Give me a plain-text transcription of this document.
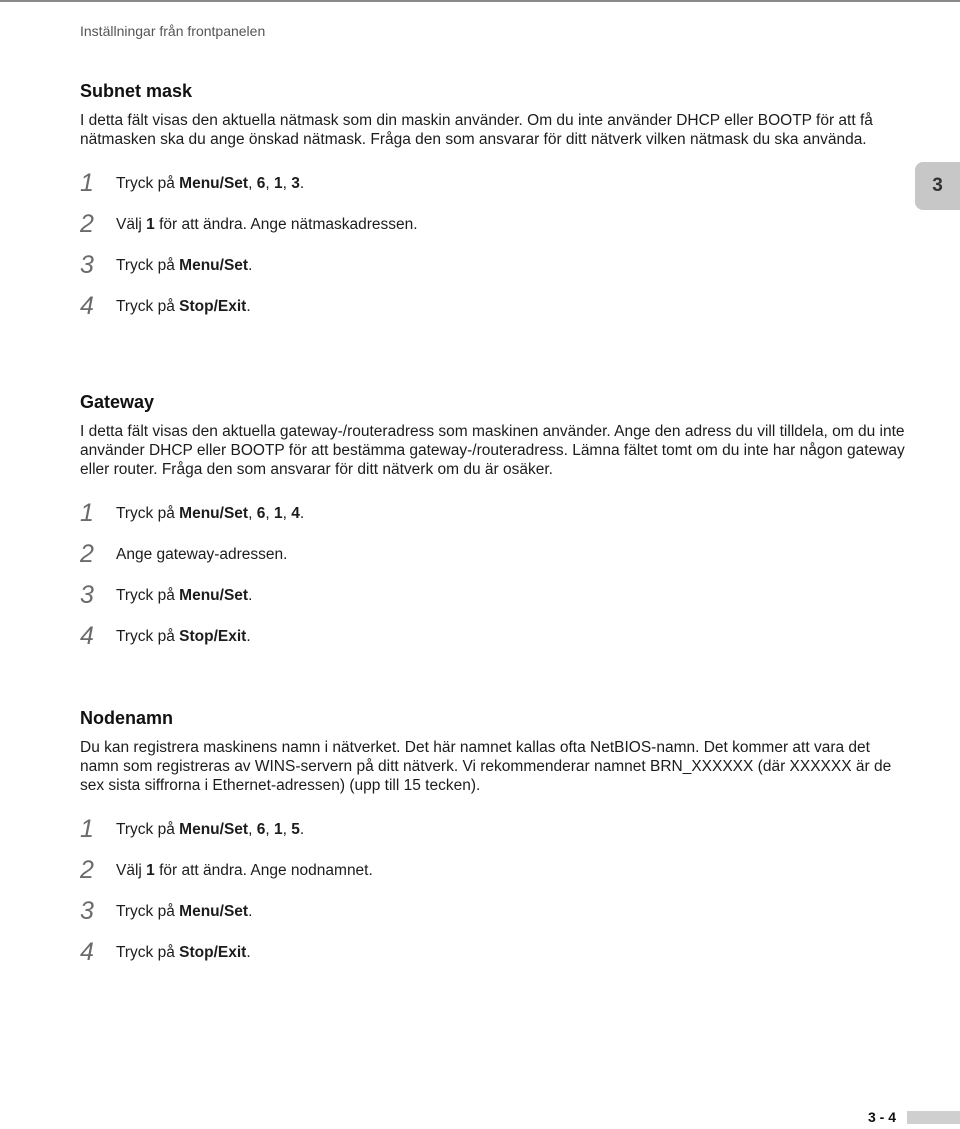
Inställningar från frontpanelen
3
Subnet mask

I detta fält visas den aktuella nätmask som din maskin använder. Om du inte använder DHCP eller BOOTP för att få nätmasken ska du ange önskad nätmask. Fråga den som ansvarar för ditt nätverk vilken nätmask du ska använda.

1	Tryck på Menu/Set, 6, 1, 3.
2	Välj 1 för att ändra. Ange nätmaskadressen.
3	Tryck på Menu/Set.
4	Tryck på Stop/Exit.
Gateway

I detta fält visas den aktuella gateway-/routeradress som maskinen använder. Ange den adress du vill tilldela, om du inte använder DHCP eller BOOTP för att bestämma gateway-/routeradress. Lämna fältet tomt om du inte har någon gateway eller router. Fråga den som ansvarar för ditt nätverk om du är osäker.

1	Tryck på Menu/Set, 6, 1, 4.
2	Ange gateway-adressen.
3	Tryck på Menu/Set.
4	Tryck på Stop/Exit.
Nodenamn

Du kan registrera maskinens namn i nätverket. Det här namnet kallas ofta NetBIOS-namn. Det kommer att vara det namn som registreras av WINS-servern på ditt nätverk. Vi rekommenderar namnet BRN_XXXXXX (där XXXXXX är de sex sista siffrorna i Ethernet-adressen) (upp till 15 tecken).

1	Tryck på Menu/Set, 6, 1, 5.
2	Välj 1 för att ändra. Ange nodnamnet.
3	Tryck på Menu/Set.
4	Tryck på Stop/Exit.
3 - 4
